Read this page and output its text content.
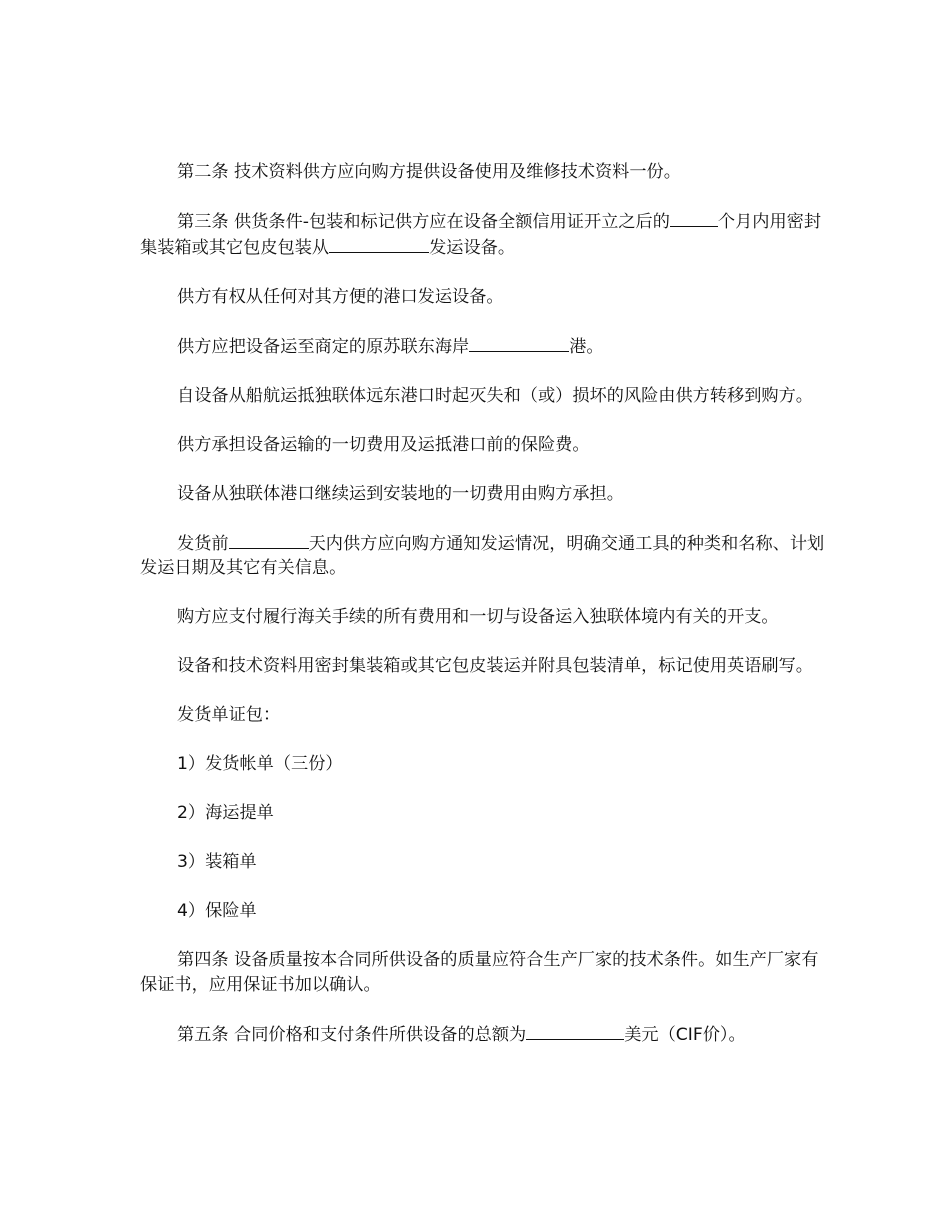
第二条 技术资料供方应向购方提供设备使用及维修技术资料一份。

第三条 供货条件-包装和标记供方应在设备全额信用证开立之后的	个月内用密封集装箱或其它包皮包装从	发运设备。

供方有权从任何对其方便的港口发运设备。

供方应把设备运至商定的原苏联东海岸	港。

自设备从船航运抵独联体远东港口时起灭失和（或）损坏的风险由供方转移到购方。

供方承担设备运输的一切费用及运抵港口前的保险费。

设备从独联体港口继续运到安装地的一切费用由购方承担。

发货前	天内供方应向购方通知发运情况，明确交通工具的种类和名称、计划发运日期及其它有关信息。

购方应支付履行海关手续的所有费用和一切与设备运入独联体境内有关的开支。

设备和技术资料用密封集装箱或其它包皮装运并附具包装清单，标记使用英语刷写。

发货单证包：

1）发货帐单（三份）

2）海运提单

3）装箱单

4）保险单

第四条 设备质量按本合同所供设备的质量应符合生产厂家的技术条件。如生产厂家有保证书，应用保证书加以确认。

第五条 合同价格和支付条件所供设备的总额为	美元（CIF价）。
